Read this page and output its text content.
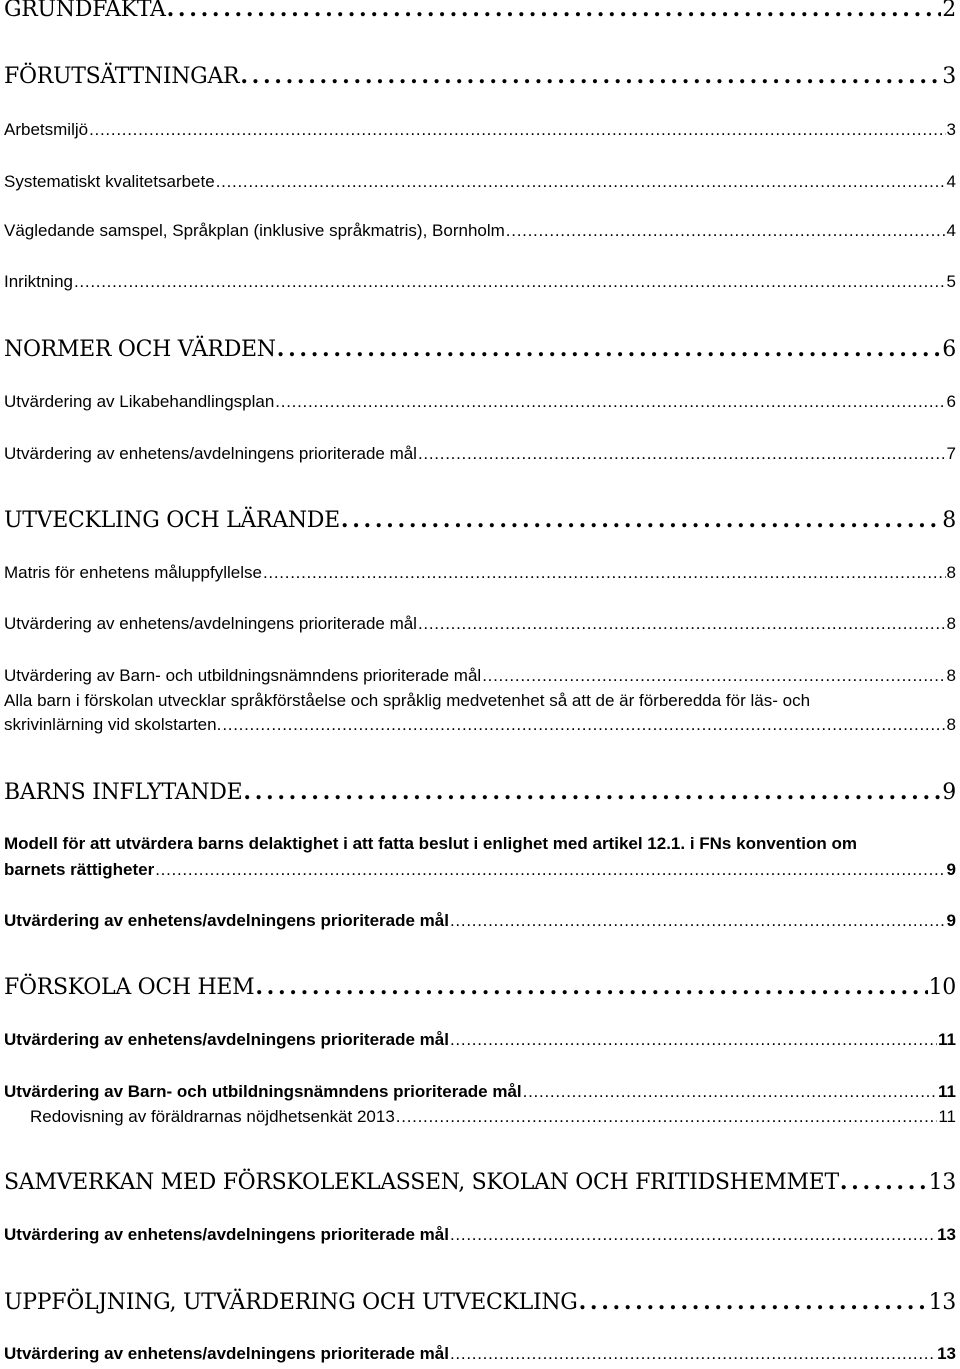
GRUNDFAKTA . . .	2
FÖRUTSÄTTNINGAR . . .	3
Arbetsmiljö . . .	3
Systematiskt kvalitetsarbete . . .	4
Vägledande samspel, Språkplan (inklusive språkmatris), Bornholm . . .	4
Inriktning . . .	5
NORMER OCH VÄRDEN . . .	6
Utvärdering av Likabehandlingsplan . . .	6
Utvärdering av enhetens/avdelningens prioriterade mål . . .	7
UTVECKLING OCH LÄRANDE . . .	8
Matris för enhetens måluppfyllelse . . .	8
Utvärdering av enhetens/avdelningens prioriterade mål . . .	8
Utvärdering av Barn- och utbildningsnämndens prioriterade mål . . .	8
Alla barn i förskolan utvecklar språkförståelse och språklig medvetenhet så att de är förberedda för läs- och
skrivinlärning vid skolstarten. . . .	8
BARNS INFLYTANDE . . .	9
Modell för att utvärdera barns delaktighet i att fatta beslut i enlighet med artikel 12.1. i FNs konvention om
barnets rättigheter . . .	9
Utvärdering av enhetens/avdelningens prioriterade mål . . .	9
FÖRSKOLA OCH HEM . . .	10
Utvärdering av enhetens/avdelningens prioriterade mål . . .	11
Utvärdering av Barn- och utbildningsnämndens prioriterade mål . . .	11
Redovisning av föräldrarnas nöjdhetsenkät 2013 . . .	11
SAMVERKAN MED FÖRSKOLEKLASSEN, SKOLAN OCH FRITIDSHEMMET . . .	13
Utvärdering av enhetens/avdelningens prioriterade mål . . .	13
UPPFÖLJNING, UTVÄRDERING OCH UTVECKLING . . .	13
Utvärdering av enhetens/avdelningens prioriterade mål . . .	13
